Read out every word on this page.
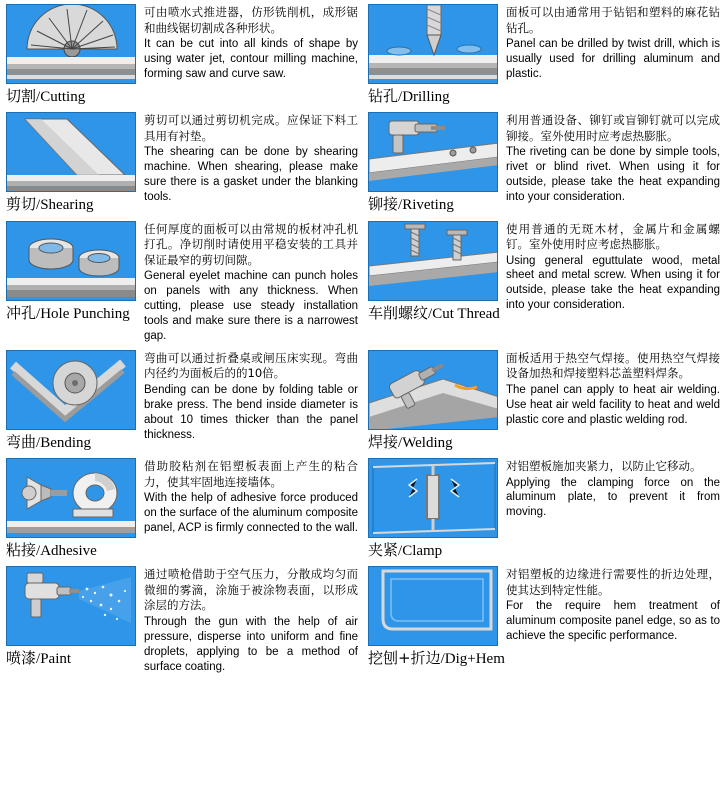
切割/Cutting

可由喷水式推进器，仿形铣削机，成形锯和曲线锯切割成各种形状。

It can be cut into all kinds of shape by using water jet, contour milling machine, forming saw and curve saw.

钻孔/Drilling

面板可以由通常用于钻铝和塑料的麻花钻钻孔。

Panel can be drilled by twist drill, which is usually used for drilling aluminum and plastic.

剪切/Shearing

剪切可以通过剪切机完成。应保证下料工具用有衬垫。

The shearing can be done by shearing machine. When shearing, please make sure there is a gasket under the blanking tools.	铆接/Riveting

利用普通设备、铆钉或盲铆钉就可以完成铆接。室外使用时应考虑热膨胀。

The riveting can be done by simple tools, rivet or blind rivet. When using it for outside, please take the heat expanding into your consideration.

冲孔/Hole Punching

任何厚度的面板可以由常规的板材冲孔机打孔。净切削时请使用平稳安装的工具并保证最窄的剪切间隙。

General eyelet machine can punch holes on panels with any thickness. When cutting, please use steady installation tools and make sure there is a narrowest gap.

车削螺纹/Cut Thread

使用普通的无斑木材，金属片和金属螺钉。室外使用时应考虑热膨胀。

Using general eguttulate wood, metal sheet and metal screw. When using it for outside, please take the heat expanding into your consideration.

弯曲/Bending

弯曲可以通过折叠桌或闸压床实现。弯曲内径约为面板后的的10倍。

Bending can be done by folding table or brake press. The bend inside diameter is about 10 times thicker than the panel thickness.	焊接/Welding

面板适用于热空气焊接。使用热空气焊接设备加热和焊接塑料芯盖塑料焊条。

The panel can apply to heat air welding. Use heat air weld facility to heat and weld plastic core and plastic welding rod.

粘接/Adhesive

借助胶粘剂在铝塑板表面上产生的粘合力，使其牢固地连接墙体。

With the help of adhesive force produced on the surface of the aluminum composite panel, ACP is firmly connected to the wall.

夹紧/Clamp

对铝塑板施加夹紧力，以防止它移动。

Applying the clamping force on the aluminum plate, to prevent it from moving.

喷漆/Paint

通过喷枪借助于空气压力，分散成均匀而微细的雾滴，涂施于被涂物表面，以形成涂层的方法。

Through the gun with the help of air pressure, disperse into uniform and fine droplets, applying to be a method of surface coating.	挖刨+折边/Dig+Hem

对铝塑板的边缘进行需要性的折边处理，使其达到特定性能。

For the require hem treatment of aluminum composite panel edge, so as to achieve the specific performance.
